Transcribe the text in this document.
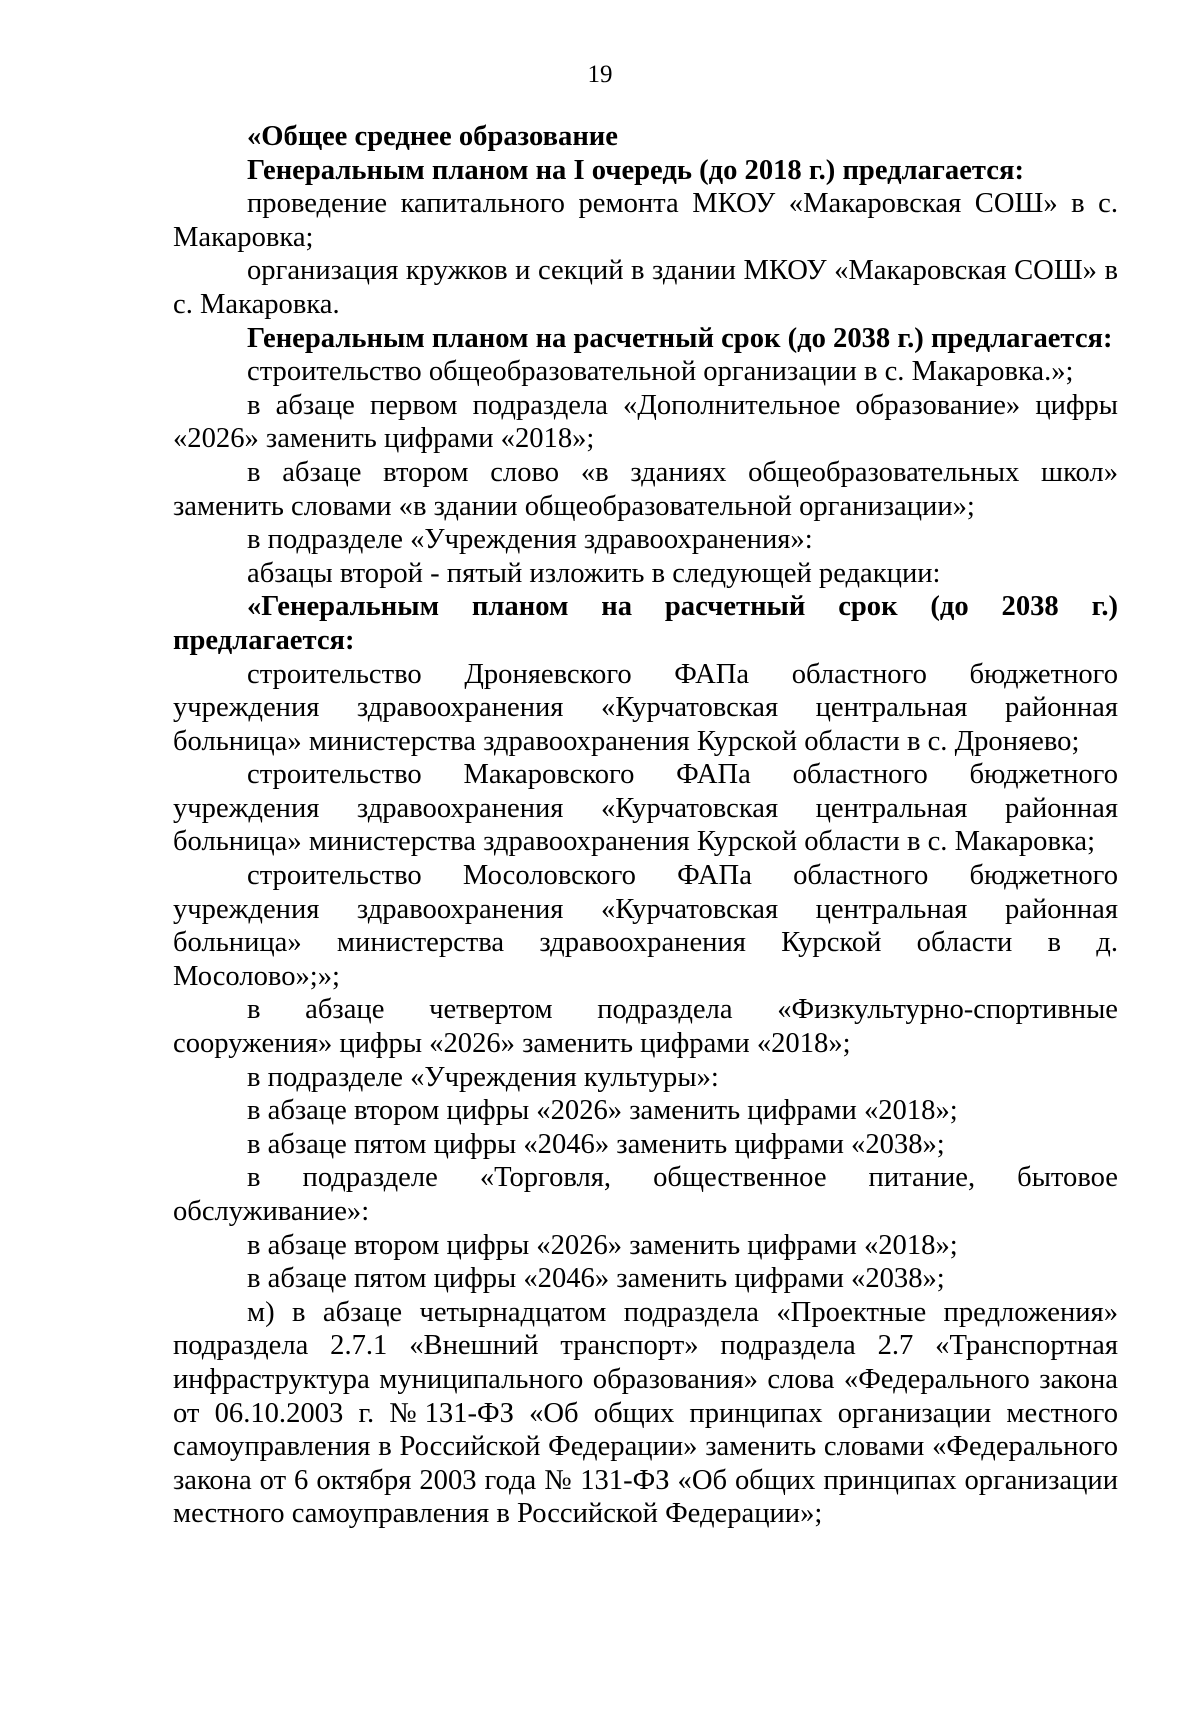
19

«Общее среднее образование

Генеральным планом на I очередь (до 2018 г.) предлагается:

проведение капитального ремонта МКОУ «Макаровская СОШ» в с. Макаровка;

организация кружков и секций в здании МКОУ «Макаровская СОШ» в с. Макаровка.

Генеральным планом на расчетный срок (до 2038 г.) предлагается:

строительство общеобразовательной организации в с. Макаровка.»;

в абзаце первом подраздела «Дополнительное образование» цифры «2026» заменить цифрами «2018»;

в абзаце втором слово «в зданиях общеобразовательных школ» заменить словами «в здании общеобразовательной организации»;

в подразделе «Учреждения здравоохранения»:

абзацы второй - пятый изложить в следующей редакции:

«Генеральным планом на расчетный срок (до 2038 г.) предлагается:

строительство Дроняевского ФАПа областного бюджетного учреждения здравоохранения «Курчатовская центральная районная больница» министерства здравоохранения Курской области в с. Дроняево;

строительство Макаровского ФАПа областного бюджетного учреждения здравоохранения «Курчатовская центральная районная больница» министерства здравоохранения Курской области в с. Макаровка;

строительство Мосоловского ФАПа областного бюджетного учреждения здравоохранения «Курчатовская центральная районная больница» министерства здравоохранения Курской области в д. Мосолово»;»;

в абзаце четвертом подраздела «Физкультурно-спортивные сооружения» цифры «2026» заменить цифрами «2018»;

в подразделе «Учреждения культуры»:

в абзаце втором цифры «2026» заменить цифрами «2018»;

в абзаце пятом цифры «2046» заменить цифрами «2038»;

в подразделе «Торговля, общественное питание, бытовое обслуживание»:

в абзаце втором цифры «2026» заменить цифрами «2018»;

в абзаце пятом цифры «2046» заменить цифрами «2038»;

м) в абзаце четырнадцатом подраздела «Проектные предложения» подраздела 2.7.1 «Внешний транспорт» подраздела 2.7 «Транспортная инфраструктура муниципального образования» слова «Федерального закона от 06.10.2003 г. №131-ФЗ «Об общих принципах организации местного самоуправления в Российской Федерации» заменить словами «Федерального закона от 6 октября 2003 года № 131-ФЗ «Об общих принципах организации местного самоуправления в Российской Федерации»;
